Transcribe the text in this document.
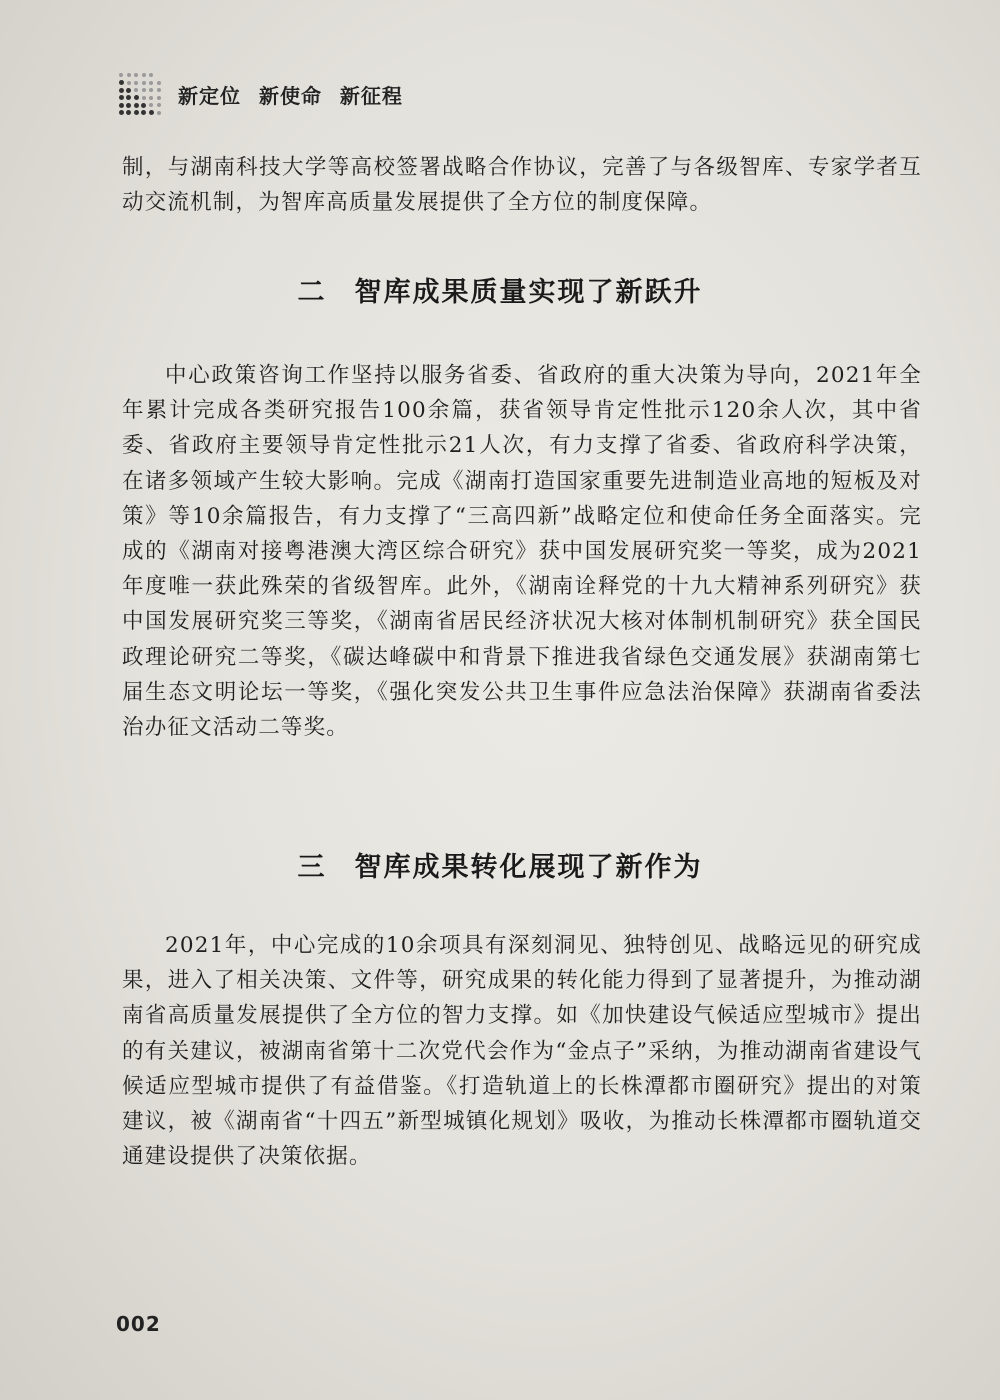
新定位 新使命 新征程

制，与湖南科技大学等高校签署战略合作协议，完善了与各级智库、专家学者互动交流机制，为智库高质量发展提供了全方位的制度保障。

二 智库成果质量实现了新跃升

中心政策咨询工作坚持以服务省委、省政府的重大决策为导向，2021年全年累计完成各类研究报告100余篇，获省领导肯定性批示120余人次，其中省委、省政府主要领导肯定性批示21人次，有力支撑了省委、省政府科学决策，在诸多领域产生较大影响。完成《湖南打造国家重要先进制造业高地的短板及对策》等10余篇报告，有力支撑了“三高四新”战略定位和使命任务全面落实。完成的《湖南对接粤港澳大湾区综合研究》获中国发展研究奖一等奖，成为2021年度唯一获此殊荣的省级智库。此外，《湖南诠释党的十九大精神系列研究》获中国发展研究奖三等奖，《湖南省居民经济状况大核对体制机制研究》获全国民政理论研究二等奖，《碳达峰碳中和背景下推进我省绿色交通发展》获湖南第七届生态文明论坛一等奖，《强化突发公共卫生事件应急法治保障》获湖南省委法治办征文活动二等奖。

三 智库成果转化展现了新作为

2021年，中心完成的10余项具有深刻洞见、独特创见、战略远见的研究成果，进入了相关决策、文件等，研究成果的转化能力得到了显著提升，为推动湖南省高质量发展提供了全方位的智力支撑。如《加快建设气候适应型城市》提出的有关建议，被湖南省第十二次党代会作为“金点子”采纳，为推动湖南省建设气候适应型城市提供了有益借鉴。《打造轨道上的长株潭都市圈研究》提出的对策建议，被《湖南省“十四五”新型城镇化规划》吸收，为推动长株潭都市圈轨道交通建设提供了决策依据。

002
